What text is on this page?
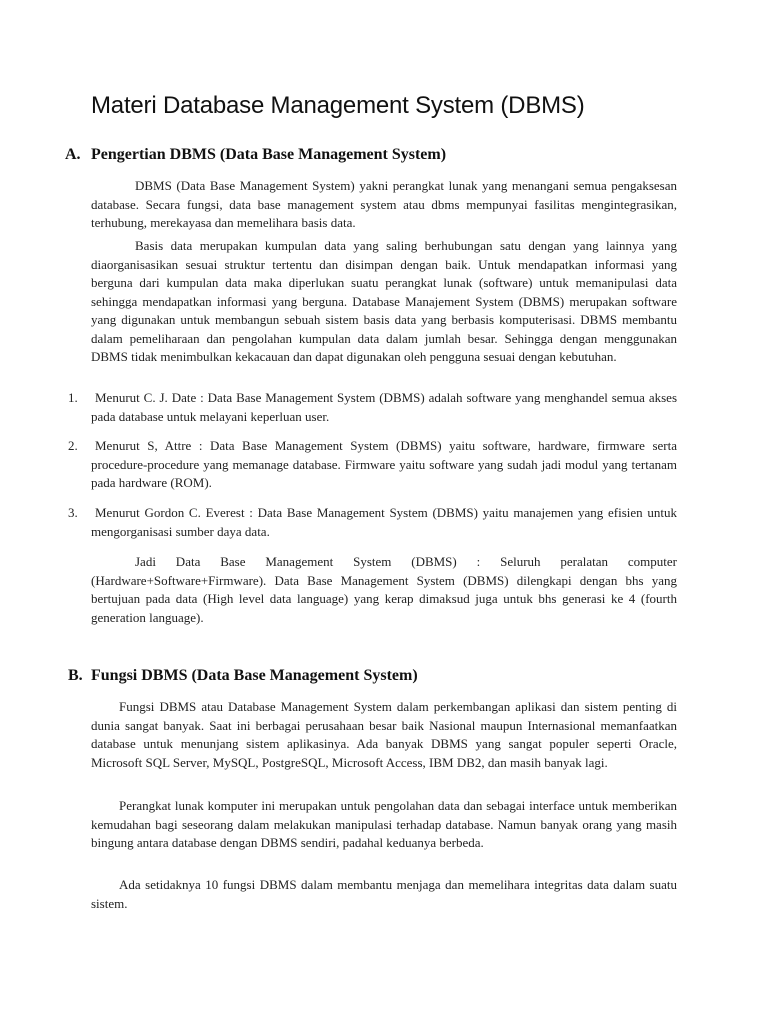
Materi Database Management System (DBMS)
A. Pengertian DBMS (Data Base Management System)

DBMS (Data Base Management System) yakni perangkat lunak yang menangani semua pengaksesan database. Secara fungsi, data base management system atau dbms mempunyai fasilitas mengintegrasikan, terhubung, merekayasa dan memelihara basis data.

Basis data merupakan kumpulan data yang saling berhubungan satu dengan yang lainnya yang diaorganisasikan sesuai struktur tertentu dan disimpan dengan baik. Untuk mendapatkan informasi yang berguna dari kumpulan data maka diperlukan suatu perangkat lunak (software) untuk memanipulasi data sehingga mendapatkan informasi yang berguna. Database Manajement System (DBMS) merupakan software yang digunakan untuk membangun sebuah sistem basis data yang berbasis komputerisasi. DBMS membantu dalam pemeliharaan dan pengolahan kumpulan data dalam jumlah besar. Sehingga dengan menggunakan DBMS tidak menimbulkan kekacauan dan dapat digunakan oleh pengguna sesuai dengan kebutuhan.

1.	Menurut C. J. Date : Data Base Management System (DBMS) adalah software yang menghandel semua akses pada database untuk melayani keperluan user.
2.	Menurut S, Attre : Data Base Management System (DBMS) yaitu software, hardware, firmware serta procedure-procedure yang memanage database. Firmware yaitu software yang sudah jadi modul yang tertanam pada hardware (ROM).
3.	Menurut Gordon C. Everest : Data Base Management System (DBMS) yaitu manajemen yang efisien untuk mengorganisasi sumber daya data.

Jadi Data Base Management System (DBMS) : Seluruh peralatan computer (Hardware+Software+Firmware). Data Base Management System (DBMS) dilengkapi dengan bhs yang bertujuan pada data (High level data language) yang kerap dimaksud juga untuk bhs generasi ke 4 (fourth generation language).

B. Fungsi DBMS (Data Base Management System)

Fungsi DBMS atau Database Management System dalam perkembangan aplikasi dan sistem penting di dunia sangat banyak. Saat ini berbagai perusahaan besar baik Nasional maupun Internasional memanfaatkan database untuk menunjang sistem aplikasinya. Ada banyak DBMS yang sangat populer seperti Oracle, Microsoft SQL Server, MySQL, PostgreSQL, Microsoft Access, IBM DB2, dan masih banyak lagi.

Perangkat lunak komputer ini merupakan untuk pengolahan data dan sebagai interface untuk memberikan kemudahan bagi seseorang dalam melakukan manipulasi terhadap database. Namun banyak orang yang masih bingung antara database dengan DBMS sendiri, padahal keduanya berbeda.

Ada setidaknya 10 fungsi DBMS dalam membantu menjaga dan memelihara integritas data dalam suatu sistem.
